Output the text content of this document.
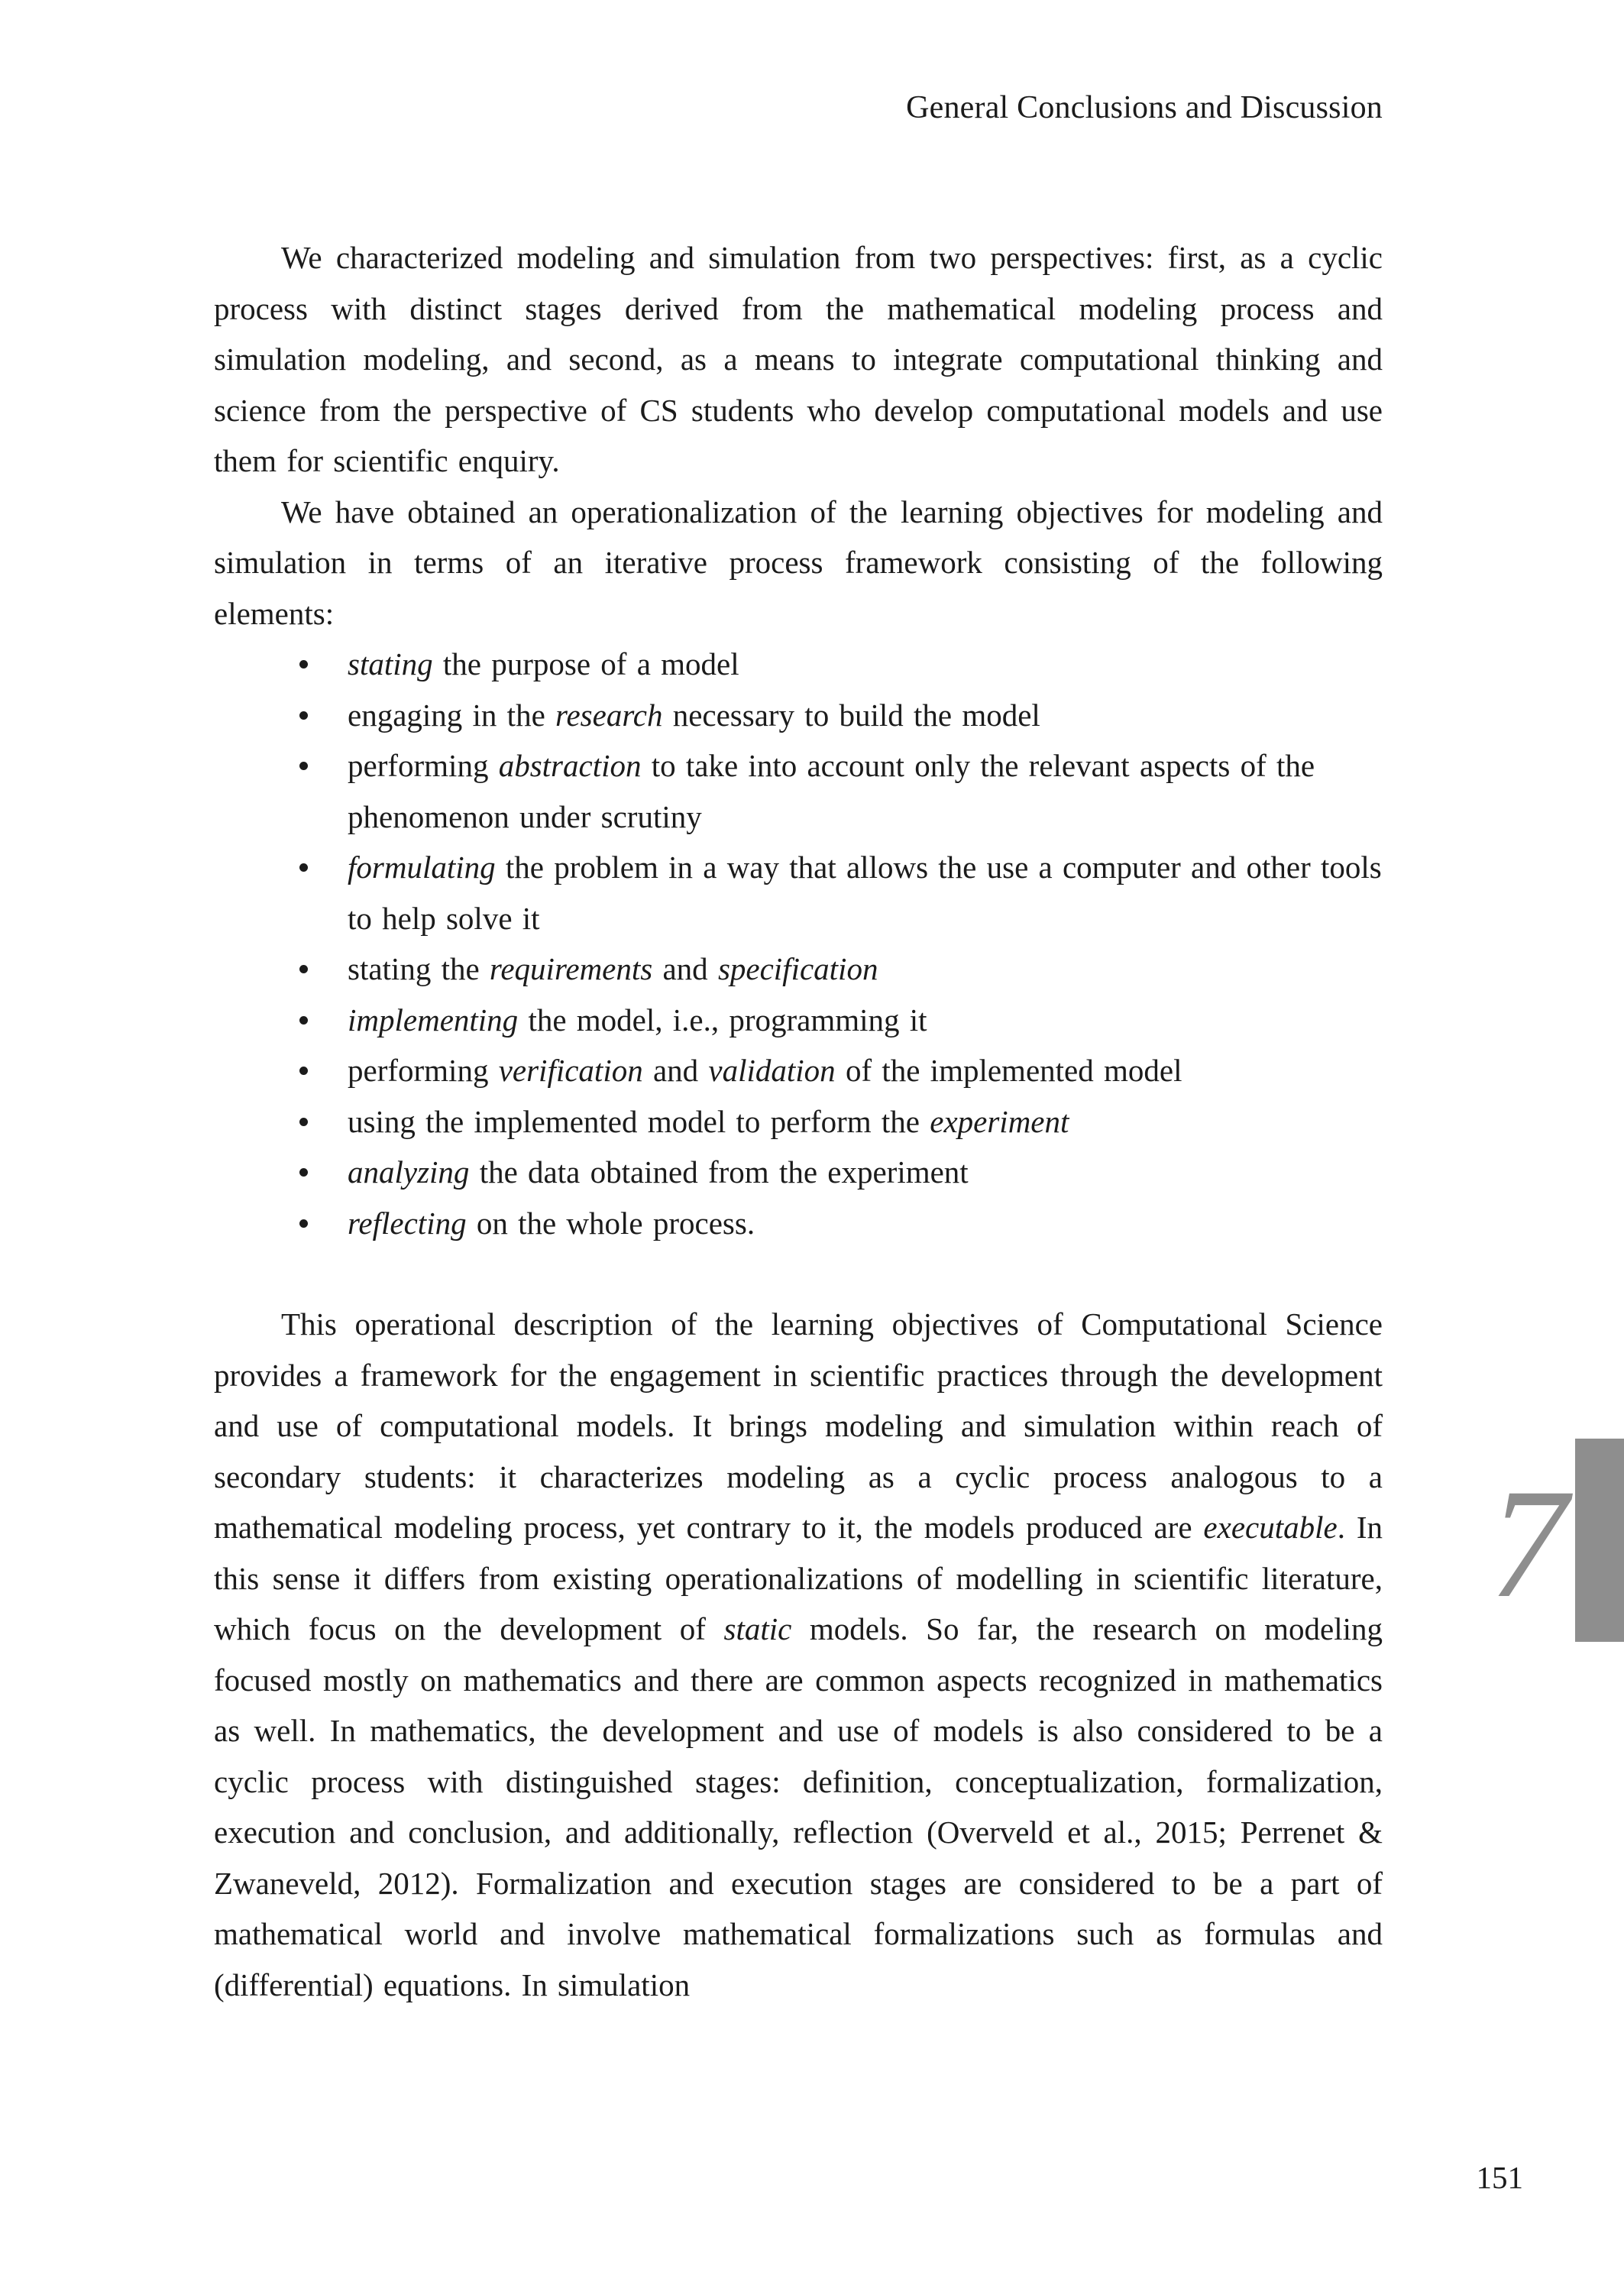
General Conclusions and Discussion

We characterized modeling and simulation from two perspectives: first, as a cyclic process with distinct stages derived from the mathematical modeling process and simulation modeling, and second, as a means to integrate computational thinking and science from the perspective of CS students who develop computational models and use them for scientific enquiry.

We have obtained an operationalization of the learning objectives for modeling and simulation in terms of an iterative process framework consisting of the following elements:

stating the purpose of a model
engaging in the research necessary to build the model
performing abstraction to take into account only the relevant aspects of the phenomenon under scrutiny
formulating the problem in a way that allows the use a computer and other tools to help solve it
stating the requirements and specification
implementing the model, i.e., programming it
performing verification and validation of the implemented model
using the implemented model to perform the experiment
analyzing the data obtained from the experiment
reflecting on the whole process.

This operational description of the learning objectives of Computational Science provides a framework for the engagement in scientific practices through the development and use of computational models. It brings modeling and simulation within reach of secondary students: it characterizes modeling as a cyclic process analogous to a mathematical modeling process, yet contrary to it, the models produced are executable. In this sense it differs from existing operationalizations of modelling in scientific literature, which focus on the development of static models. So far, the research on modeling focused mostly on mathematics and there are common aspects recognized in mathematics as well. In mathematics, the development and use of models is also considered to be a cyclic process with distinguished stages: definition, conceptualization, formalization, execution and conclusion, and additionally, reflection (Overveld et al., 2015; Perrenet & Zwaneveld, 2012). Formalization and execution stages are considered to be a part of mathematical world and involve mathematical formalizations such as formulas and (differential) equations. In simulation

7
151
